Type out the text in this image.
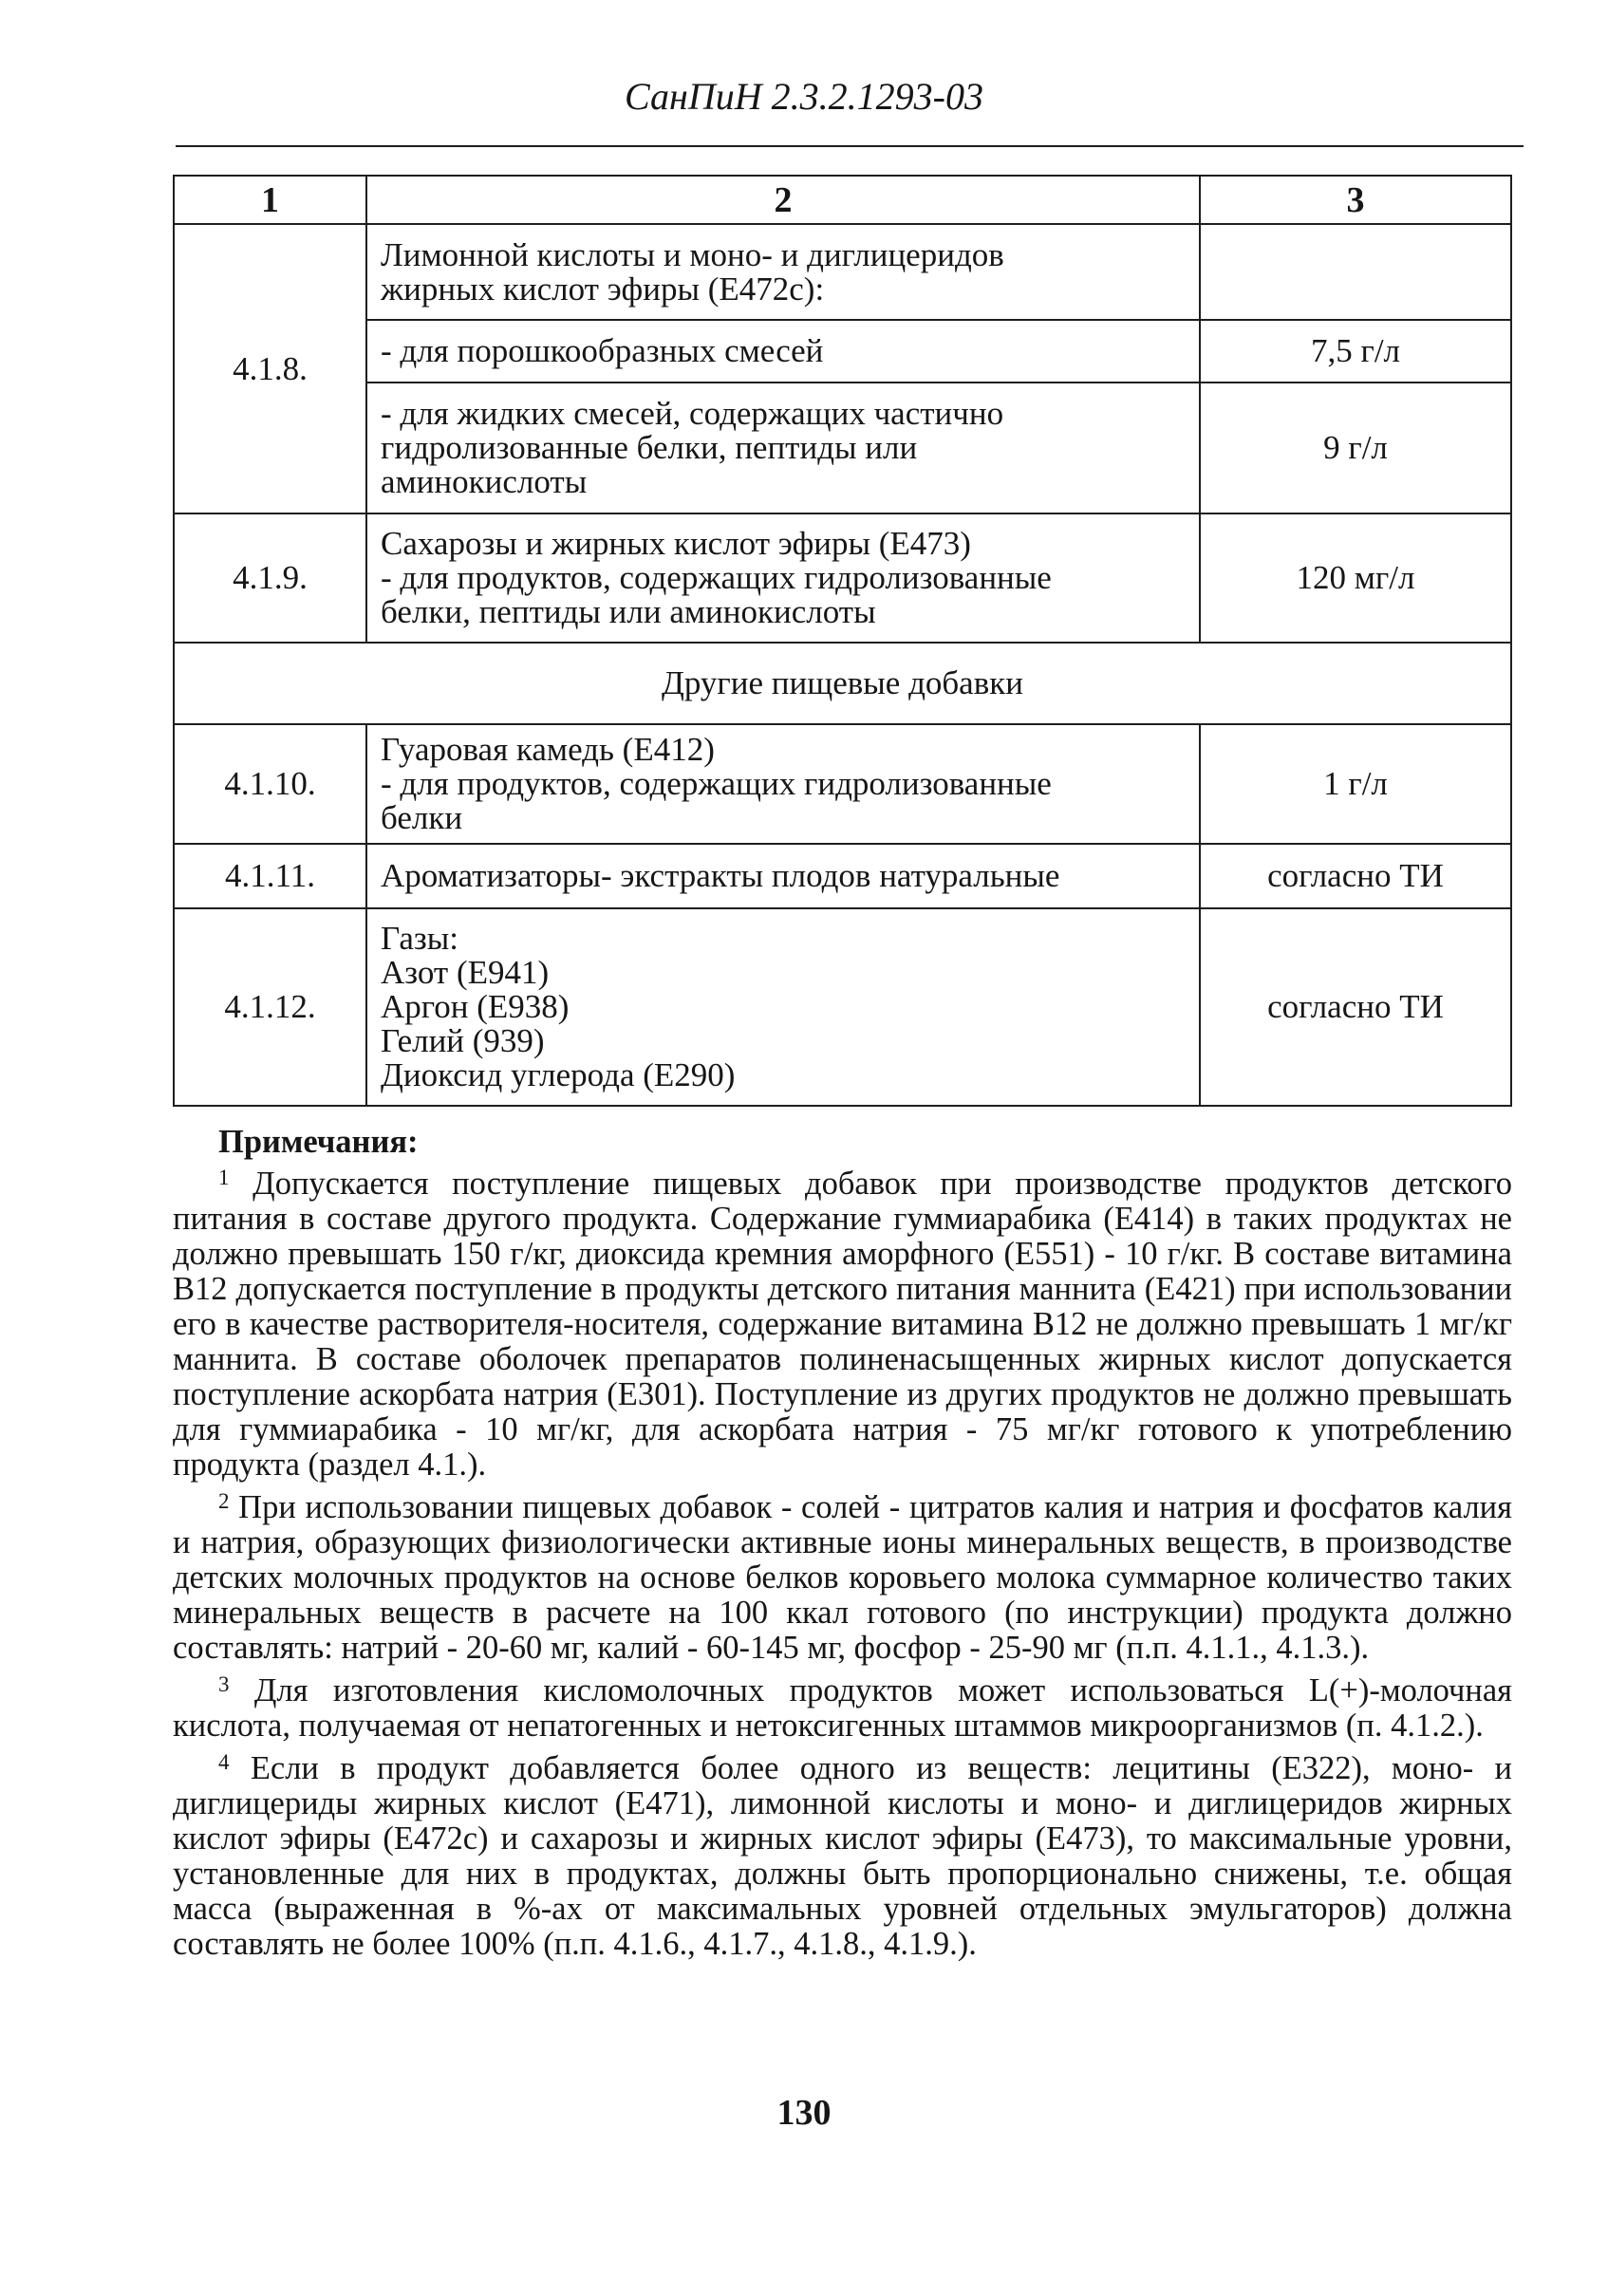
СанПиН 2.3.2.1293-03
1	2	3
4.1.8.	Лимонной кислоты и моно- и диглицеридов
жирных кислот эфиры (Е472с):	

	- для порошкообразных смесей	7,5 г/л

	- для жидких смесей, содержащих частично
гидролизованные белки, пептиды или
аминокислоты	9 г/л
4.1.9.	Сахарозы и жирных кислот эфиры (Е473)
- для продуктов, содержащих гидролизованные
белки, пептиды или аминокислоты	120 мг/л
Другие пищевые добавки		
4.1.10.	Гуаровая камедь (Е412)
- для продуктов, содержащих гидролизованные
белки	1 г/л
4.1.11.	Ароматизаторы- экстракты плодов натуральные	согласно ТИ
4.1.12.	Газы:
Азот (Е941)
Аргон (Е938)
Гелий (939)
Диоксид углерода (Е290)	согласно ТИ
Примечания:

$^1$ Допускается поступление пищевых добавок при производстве продуктов детского питания в составе другого продукта. Содержание гуммиарабика (Е414) в таких продуктах не должно превышать 150 г/кг, диоксида кремния аморфного (Е551) - 10 г/кг. В составе витамина В12 допускается поступление в продукты детского питания маннита (Е421) при использовании его в качестве растворителя-носителя, содержание витамина В12 не должно превышать 1 мг/кг маннита. В составе оболочек препаратов полиненасыщенных жирных кислот допускается поступление аскорбата натрия (Е301). Поступление из других продуктов не должно превышать для гуммиарабика - 10 мг/кг, для аскорбата натрия - 75 мг/кг готового к употреблению продукта (раздел 4.1.).

$^2$ При использовании пищевых добавок - солей - цитратов калия и натрия и фосфатов калия и натрия, образующих физиологически активные ионы минеральных веществ, в производстве детских молочных продуктов на основе белков коровьего молока суммарное количество таких минеральных веществ в расчете на 100 ккал готового (по инструкции) продукта должно составлять: натрий - 20-60 мг, калий - 60-145 мг, фосфор - 25-90 мг (п.п. 4.1.1., 4.1.3.).

$^3$ Для изготовления кисломолочных продуктов может использоваться L(+)-молочная кислота, получаемая от непатогенных и нетоксигенных штаммов микроорганизмов (п. 4.1.2.).

$^4$ Если в продукт добавляется более одного из веществ: лецитины (Е322), моно- и диглицериды жирных кислот (Е471), лимонной кислоты и моно- и диглицеридов жирных кислот эфиры (Е472с) и сахарозы и жирных кислот эфиры (Е473), то максимальные уровни, установленные для них в продуктах, должны быть пропорционально снижены, т.е. общая масса (выраженная в %-ах от максимальных уровней отдельных эмульгаторов) должна составлять не более 100% (п.п. 4.1.6., 4.1.7., 4.1.8., 4.1.9.).

130
